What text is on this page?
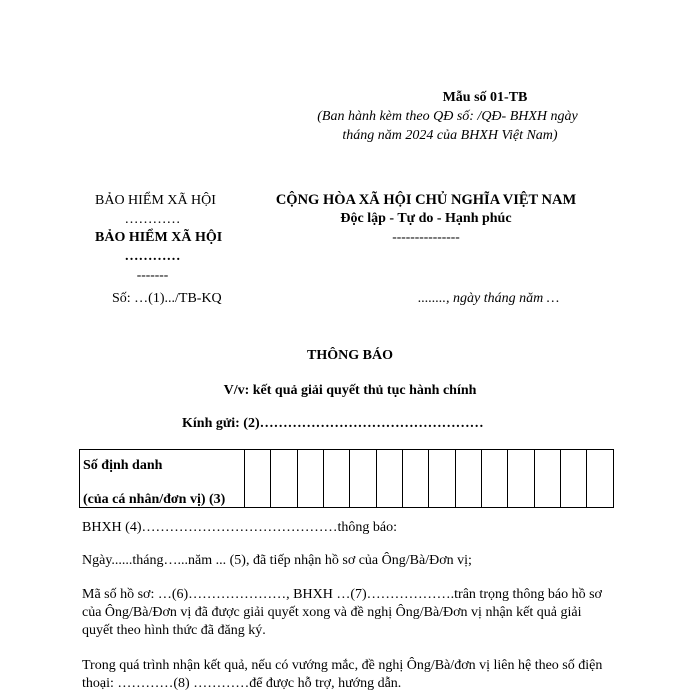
Mẫu số 01-TB
(Ban hành kèm theo QĐ số: /QĐ- BHXH ngày
tháng năm 2024 của BHXH Việt Nam)
BẢO HIỂM XÃ HỘI
…………
BẢO HIỂM XÃ HỘI
…………
-------
Số: …(1).../TB-KQ
CỘNG HÒA XÃ HỘI CHỦ NGHĨA VIỆT NAM
Độc lập - Tự do - Hạnh phúc
---------------
........, ngày tháng năm …
THÔNG BÁO
V/v: kết quả giải quyết thủ tục hành chính
Kính gửi: (2)…………………………………………
Số định danh
(của cá nhân/đơn vị) (3)

BHXH (4)……………………………………thông báo:
Ngày......tháng…...năm ... (5), đã tiếp nhận hồ sơ của Ông/Bà/Đơn vị;
Mã số hồ sơ: …(6)…………………, BHXH …(7)……………….trân trọng thông báo hồ sơ của Ông/Bà/Đơn vị đã được giải quyết xong và đề nghị Ông/Bà/Đơn vị nhận kết quả giải quyết theo hình thức đã đăng ký.
Trong quá trình nhận kết quả, nếu có vướng mắc, đề nghị Ông/Bà/đơn vị liên hệ theo số điện thoại: …………(8) …………để được hỗ trợ, hướng dẫn.
